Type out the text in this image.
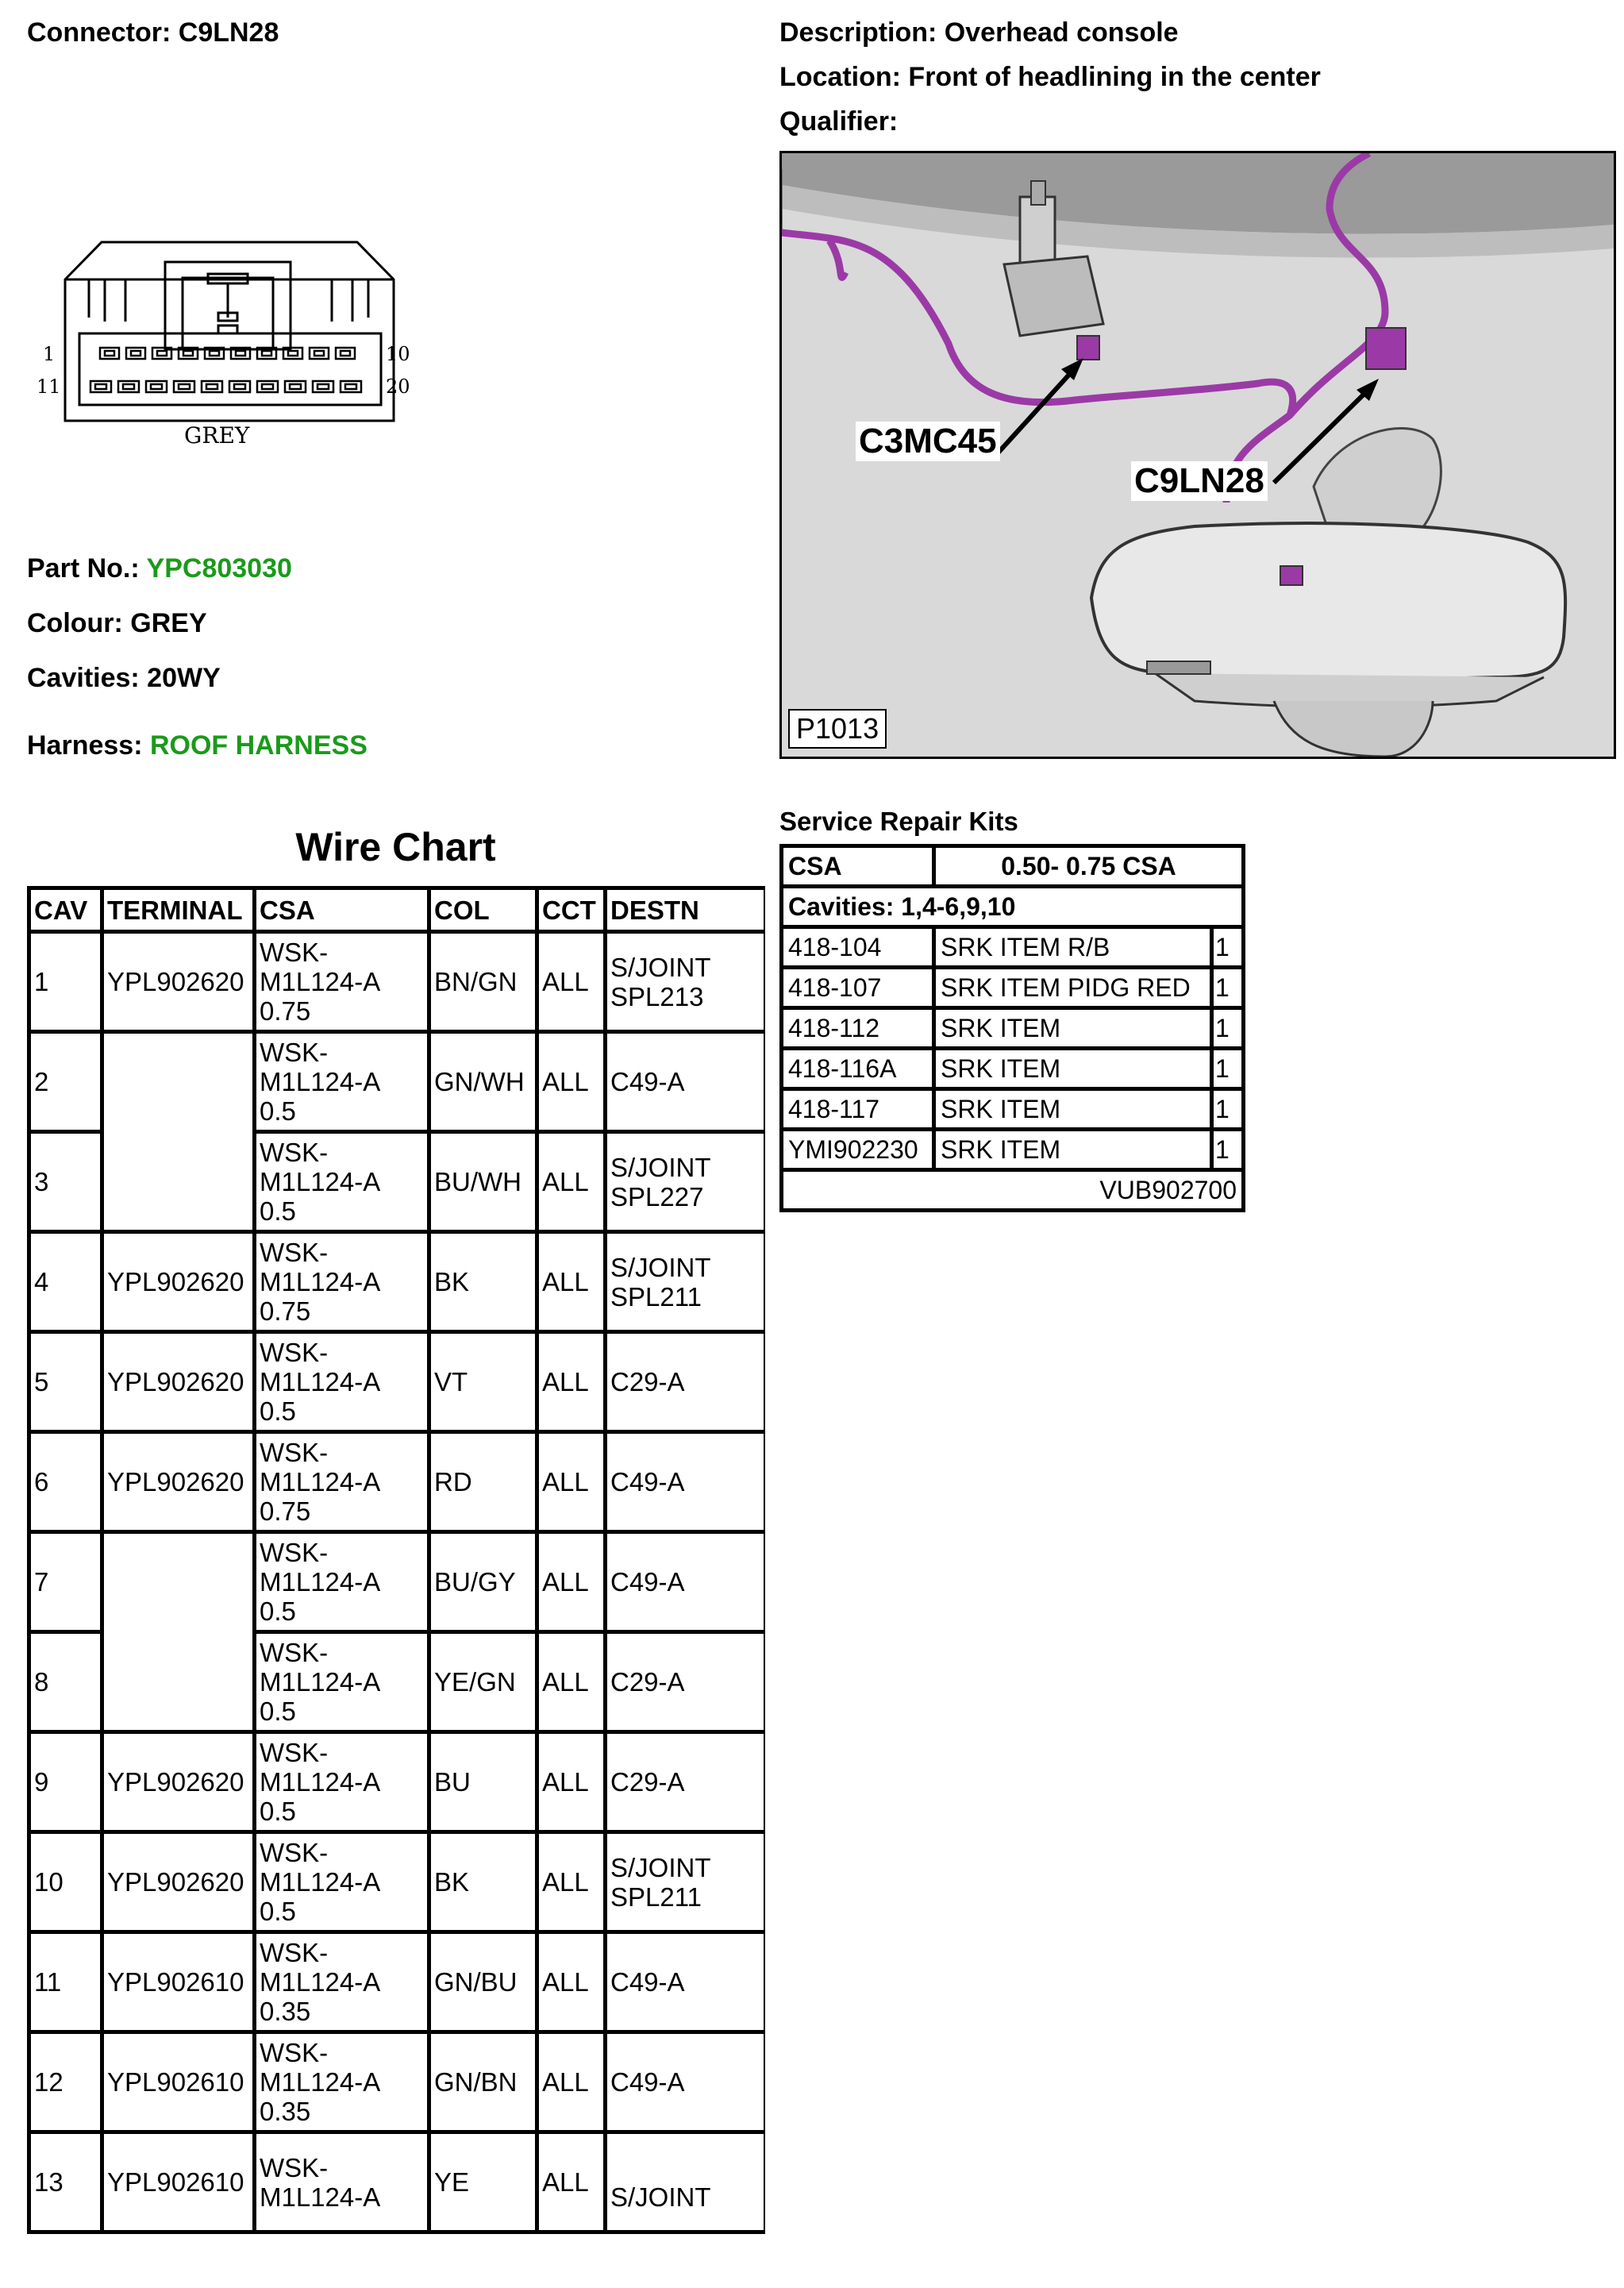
Connector: C9LN28	Description: Overhead console
Location: Front of headlining in the center
Qualifier:
1
11
10
20
GREY
Part No.: YPC803030
Colour: GREY
Cavities: 20WY
Harness: ROOF HARNESS
C3MC45
C9LN28
P1013
Wire Chart
CAV	TERMINAL	CSA	COL	CCT	DESTN
1	YPL902620	WSK-
M1L124-A
0.75	BN/GN	ALL	S/JOINT
SPL213
2		WSK-
M1L124-A
0.5	GN/WH	ALL	C49-A
3		WSK-
M1L124-A
0.5	BU/WH	ALL	S/JOINT
SPL227
4	YPL902620	WSK-
M1L124-A
0.75	BK	ALL	S/JOINT
SPL211
5	YPL902620	WSK-
M1L124-A
0.5	VT	ALL	C29-A
6	YPL902620	WSK-
M1L124-A
0.75	RD	ALL	C49-A
7		WSK-
M1L124-A
0.5	BU/GY	ALL	C49-A
8		WSK-
M1L124-A
0.5	YE/GN	ALL	C29-A
9	YPL902620	WSK-
M1L124-A
0.5	BU	ALL	C29-A
10	YPL902620	WSK-
M1L124-A
0.5	BK	ALL	S/JOINT
SPL211
11	YPL902610	WSK-
M1L124-A
0.35	GN/BU	ALL	C49-A
12	YPL902610	WSK-
M1L124-A
0.35	GN/BN	ALL	C49-A
13	YPL902610	WSK-
M1L124-A	YE	ALL	S/JOINT
Service Repair Kits
CSA	0.50- 0.75 CSA	
Cavities: 1,4-6,9,10		
418-104	SRK ITEM R/B	1
418-107	SRK ITEM PIDG RED	1
418-112	SRK ITEM	1
418-116A	SRK ITEM	1
418-117	SRK ITEM	1
YMI902230	SRK ITEM	1
VUB902700		
